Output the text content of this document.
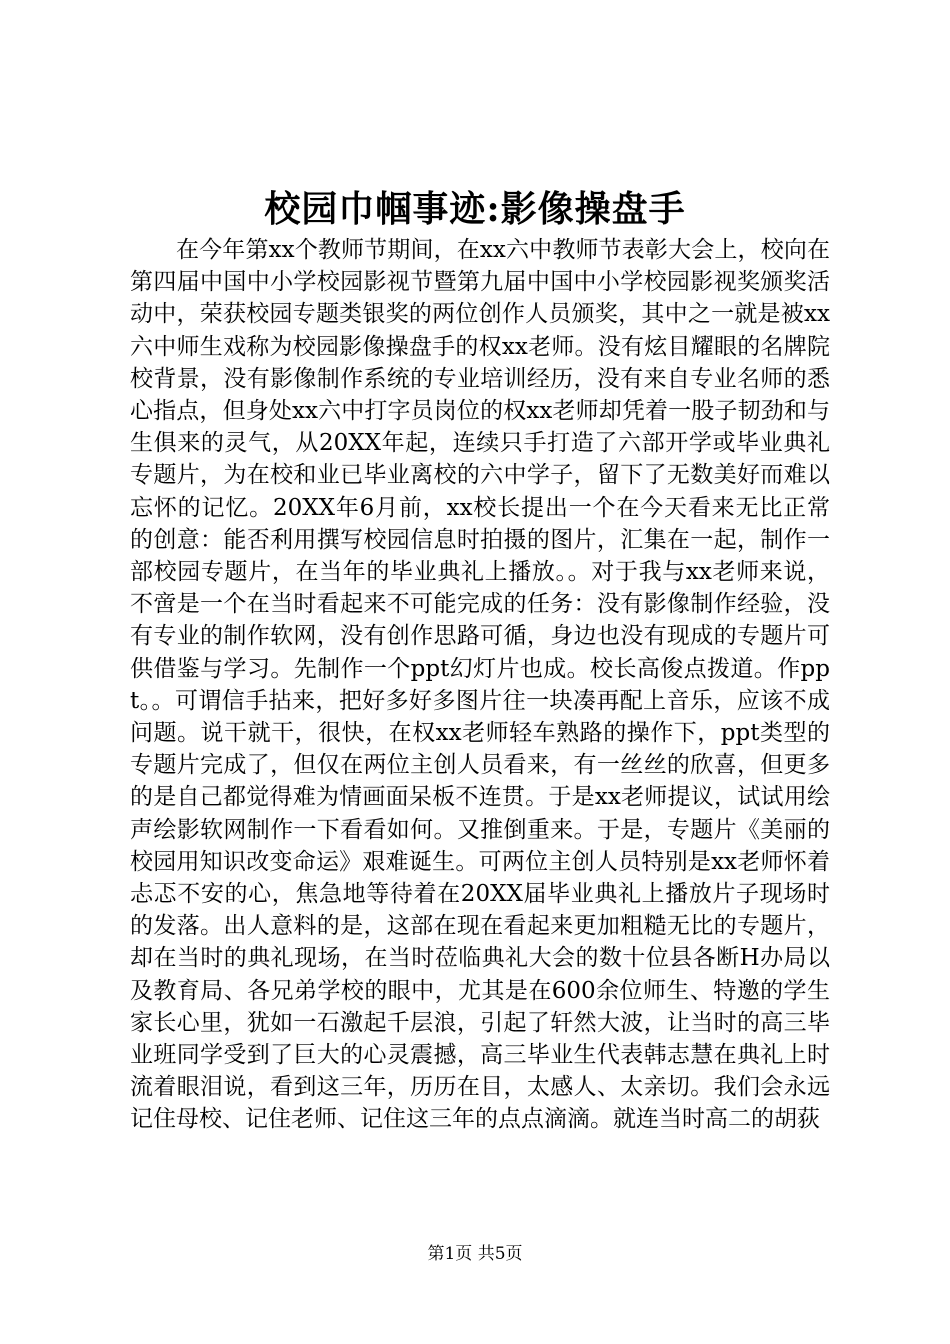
校园巾帼事迹:影像操盘手

在今年第xx个教师节期间，在xx六中教师节表彰大会上，校向在第四届中国中小学校园影视节暨第九届中国中小学校园影视奖颁奖活动中，荣获校园专题类银奖的两位创作人员颁奖，其中之一就是被xx六中师生戏称为校园影像操盘手的权xx老师。没有炫目耀眼的名牌院校背景，没有影像制作系统的专业培训经历，没有来自专业名师的悉心指点，但身处xx六中打字员岗位的权xx老师却凭着一股子韧劲和与生俱来的灵气，从20XX年起，连续只手打造了六部开学或毕业典礼专题片，为在校和业已毕业离校的六中学子，留下了无数美好而难以忘怀的记忆。20XX年6月前，xx校长提出一个在今天看来无比正常的创意：能否利用撰写校园信息时拍摄的图片，汇集在一起，制作一部校园专题片，在当年的毕业典礼上播放。。对于我与xx老师来说，不啻是一个在当时看起来不可能完成的任务：没有影像制作经验，没有专业的制作软网，没有创作思路可循，身边也没有现成的专题片可供借鉴与学习。先制作一个ppt幻灯片也成。校长高俊点拨道。作ppt。。可谓信手拈来，把好多好多图片往一块凑再配上音乐，应该不成问题。说干就干，很快，在权xx老师轻车熟路的操作下，ppt类型的专题片完成了，但仅在两位主创人员看来，有一丝丝的欣喜，但更多的是自己都觉得难为情画面呆板不连贯。于是xx老师提议，试试用绘声绘影软网制作一下看看如何。又推倒重来。于是，专题片《美丽的校园用知识改变命运》艰难诞生。可两位主创人员特别是xx老师怀着忐忑不安的心，焦急地等待着在20XX届毕业典礼上播放片子现场时的发落。出人意料的是，这部在现在看起来更加粗糙无比的专题片，却在当时的典礼现场，在当时莅临典礼大会的数十位县各断H办局以及教育局、各兄弟学校的眼中，尤其是在600余位师生、特邀的学生家长心里，犹如一石激起千层浪，引起了轩然大波，让当时的高三毕业班同学受到了巨大的心灵震撼，高三毕业生代表韩志慧在典礼上时流着眼泪说，看到这三年，历历在目，太感人、太亲切。我们会永远记住母校、记住老师、记住这三年的点点滴滴。就连当时高二的胡荻

第1页 共5页
